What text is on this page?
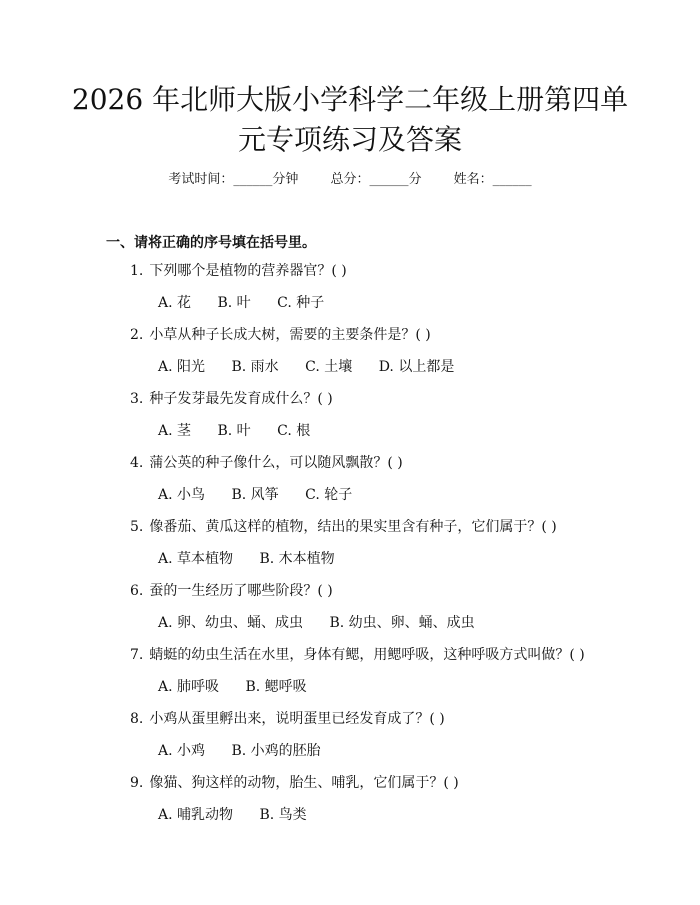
2026 年北师大版小学科学二年级上册第四单
元专项练习及答案
考试时间：______分钟 总分：______分 姓名：______
一、请将正确的序号填在括号里。
1. 下列哪个是植物的营养器官？( )
A. 花 B. 叶 C. 种子
2. 小草从种子长成大树，需要的主要条件是？( )
A. 阳光 B. 雨水 C. 土壤 D. 以上都是
3. 种子发芽最先发育成什么？( )
A. 茎 B. 叶 C. 根
4. 蒲公英的种子像什么，可以随风飘散？( )
A. 小鸟 B. 风筝 C. 轮子
5. 像番茄、黄瓜这样的植物，结出的果实里含有种子，它们属于？( )
A. 草本植物 B. 木本植物
6. 蚕的一生经历了哪些阶段？( )
A. 卵、幼虫、蛹、成虫 B. 幼虫、卵、蛹、成虫
7. 蜻蜓的幼虫生活在水里，身体有鳃，用鳃呼吸，这种呼吸方式叫做？( )
A. 肺呼吸 B. 鳃呼吸
8. 小鸡从蛋里孵出来，说明蛋里已经发育成了？( )
A. 小鸡 B. 小鸡的胚胎
9. 像猫、狗这样的动物，胎生、哺乳，它们属于？( )
A. 哺乳动物 B. 鸟类
